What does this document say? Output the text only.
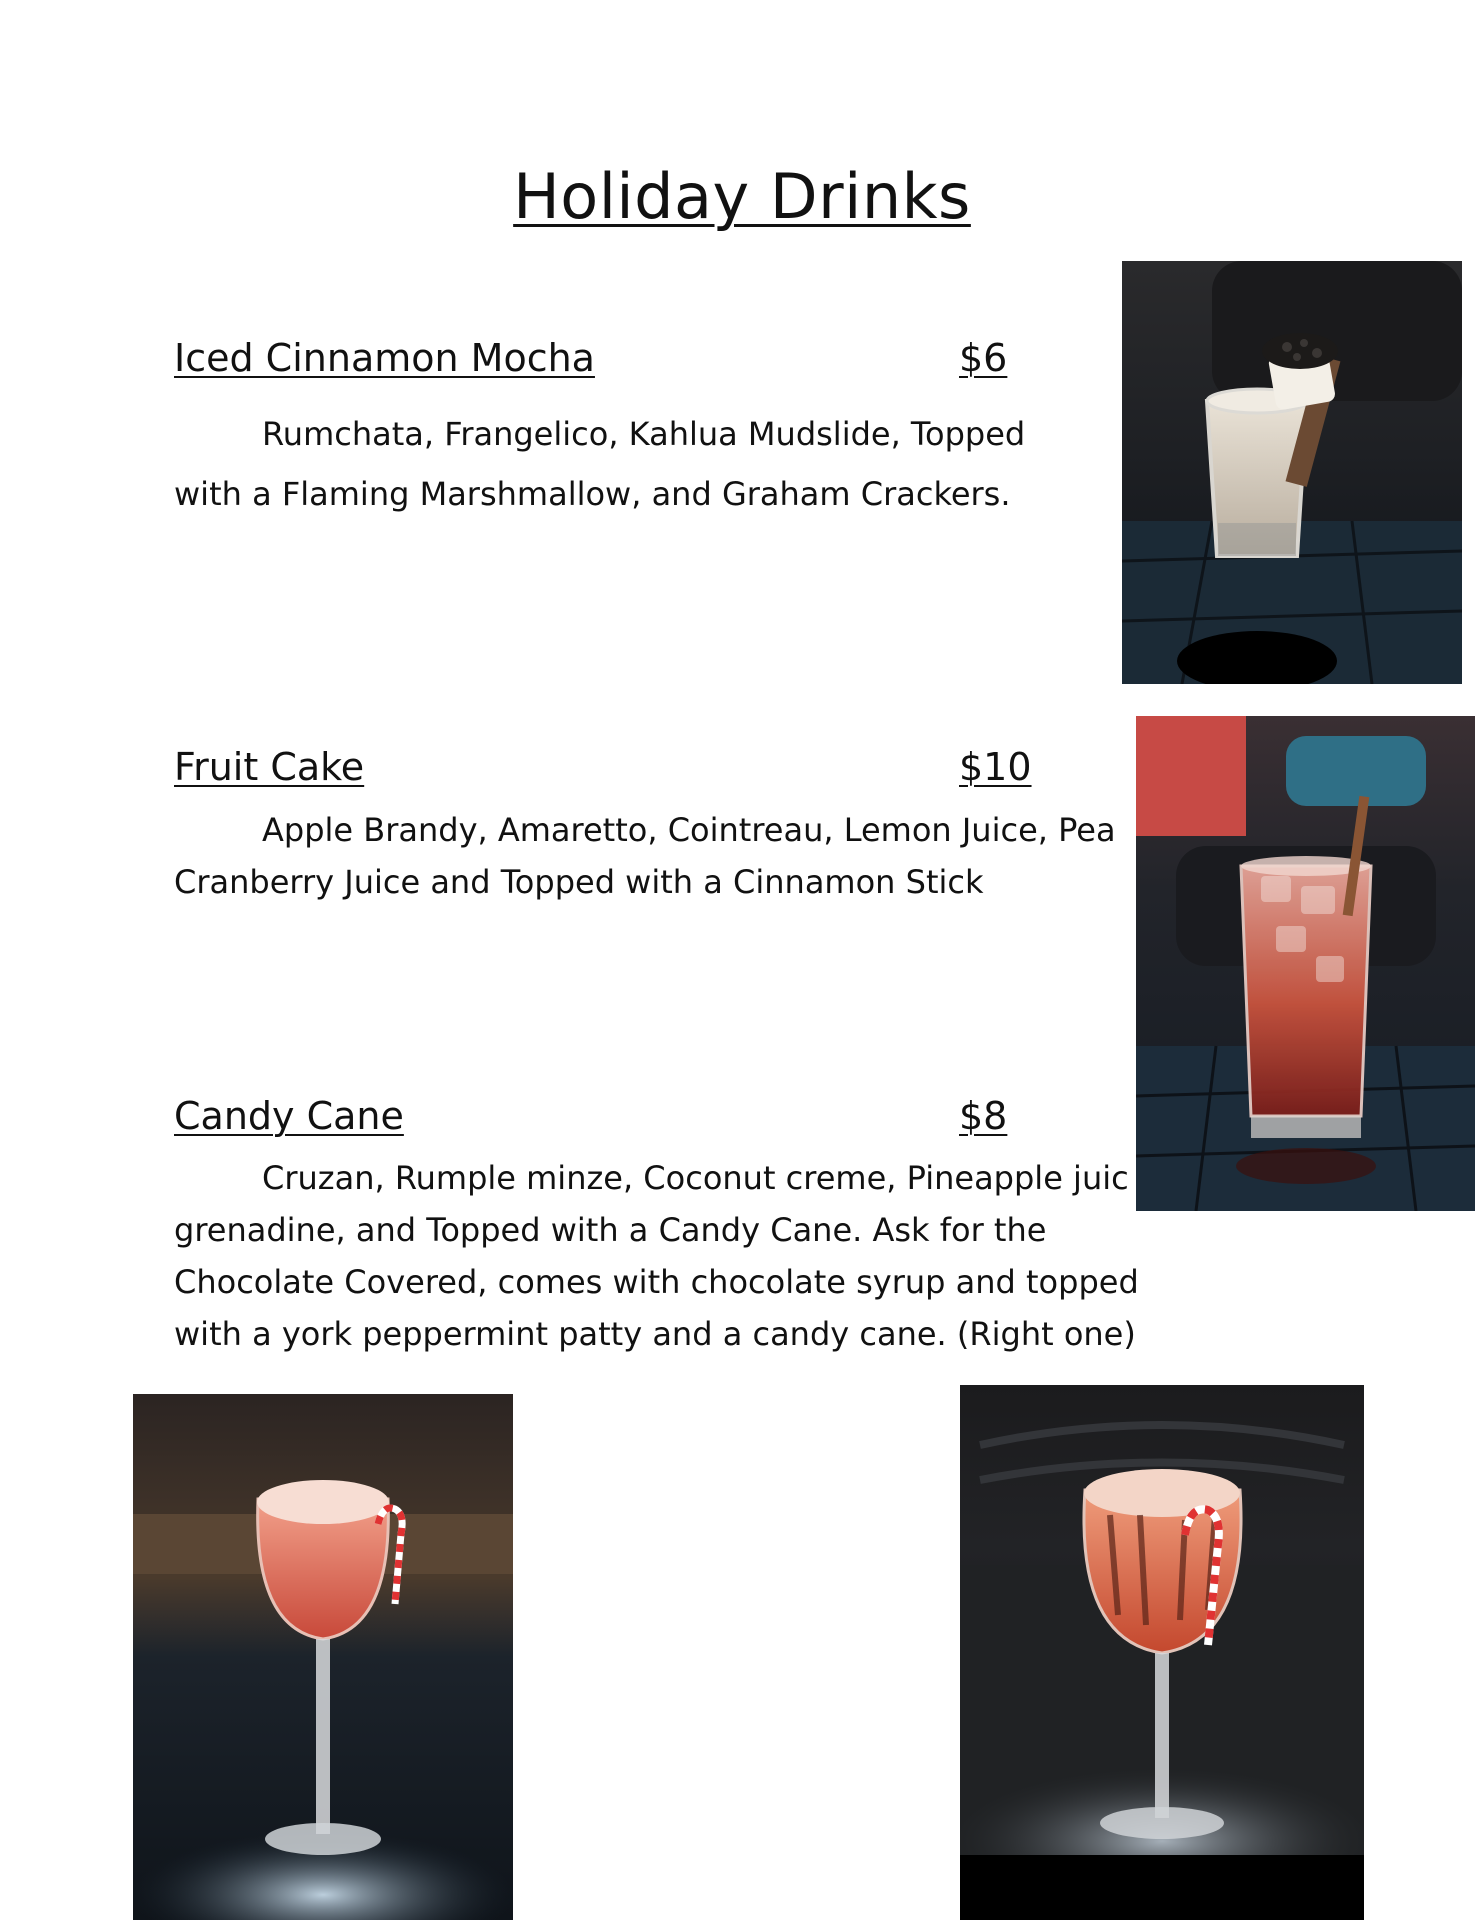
Holiday Drinks
Iced Cinnamon Mocha	$6

Rumchata, Frangelico, Kahlua Mudslide, Topped
with a Flaming Marshmallow, and Graham Crackers.

Fruit Cake	$10

Apple Brandy, Amaretto, Cointreau, Lemon Juice, Pea
Cranberry Juice and Topped with a Cinnamon Stick

Candy Cane	$8

Cruzan, Rumple minze, Coconut creme, Pineapple juic
grenadine, and Topped with a Candy Cane. Ask for the
Chocolate Covered, comes with chocolate syrup and topped
with a york peppermint patty and a candy cane. (Right one)
